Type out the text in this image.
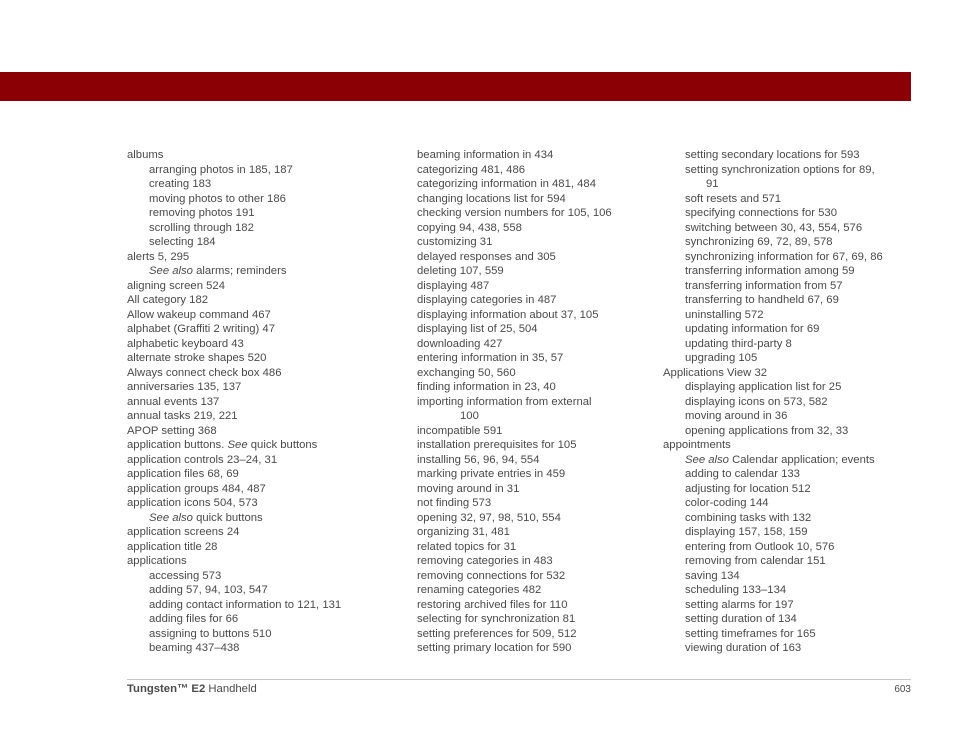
albums
arranging photos in 185, 187
creating 183
moving photos to other 186
removing photos 191
scrolling through 182
selecting 184
alerts 5, 295
See also alarms; reminders
aligning screen 524
All category 182
Allow wakeup command 467
alphabet (Graffiti 2 writing) 47
alphabetic keyboard 43
alternate stroke shapes 520
Always connect check box 486
anniversaries 135, 137
annual events 137
annual tasks 219, 221
APOP setting 368
application buttons. See quick buttons
application controls 23–24, 31
application files 68, 69
application groups 484, 487
application icons 504, 573
See also quick buttons
application screens 24
application title 28
applications
accessing 573
adding 57, 94, 103, 547
adding contact information to 121, 131
adding files for 66
assigning to buttons 510
beaming 437–438
beaming information in 434
categorizing 481, 486
categorizing information in 481, 484
changing locations list for 594
checking version numbers for 105, 106
copying 94, 438, 558
customizing 31
delayed responses and 305
deleting 107, 559
displaying 487
displaying categories in 487
displaying information about 37, 105
displaying list of 25, 504
downloading 427
entering information in 35, 57
exchanging 50, 560
finding information in 23, 40
importing information from external
100
incompatible 591
installation prerequisites for 105
installing 56, 96, 94, 554
marking private entries in 459
moving around in 31
not finding 573
opening 32, 97, 98, 510, 554
organizing 31, 481
related topics for 31
removing categories in 483
removing connections for 532
renaming categories 482
restoring archived files for 110
selecting for synchronization 81
setting preferences for 509, 512
setting primary location for 590
setting secondary locations for 593
setting synchronization options for 89,
91
soft resets and 571
specifying connections for 530
switching between 30, 43, 554, 576
synchronizing 69, 72, 89, 578
synchronizing information for 67, 69, 86
transferring information among 59
transferring information from 57
transferring to handheld 67, 69
uninstalling 572
updating information for 69
updating third-party 8
upgrading 105
Applications View 32
displaying application list for 25
displaying icons on 573, 582
moving around in 36
opening applications from 32, 33
appointments
See also Calendar application; events
adding to calendar 133
adjusting for location 512
color-coding 144
combining tasks with 132
displaying 157, 158, 159
entering from Outlook 10, 576
removing from calendar 151
saving 134
scheduling 133–134
setting alarms for 197
setting duration of 134
setting timeframes for 165
viewing duration of 163
Tungsten™ E2 Handheld	603
